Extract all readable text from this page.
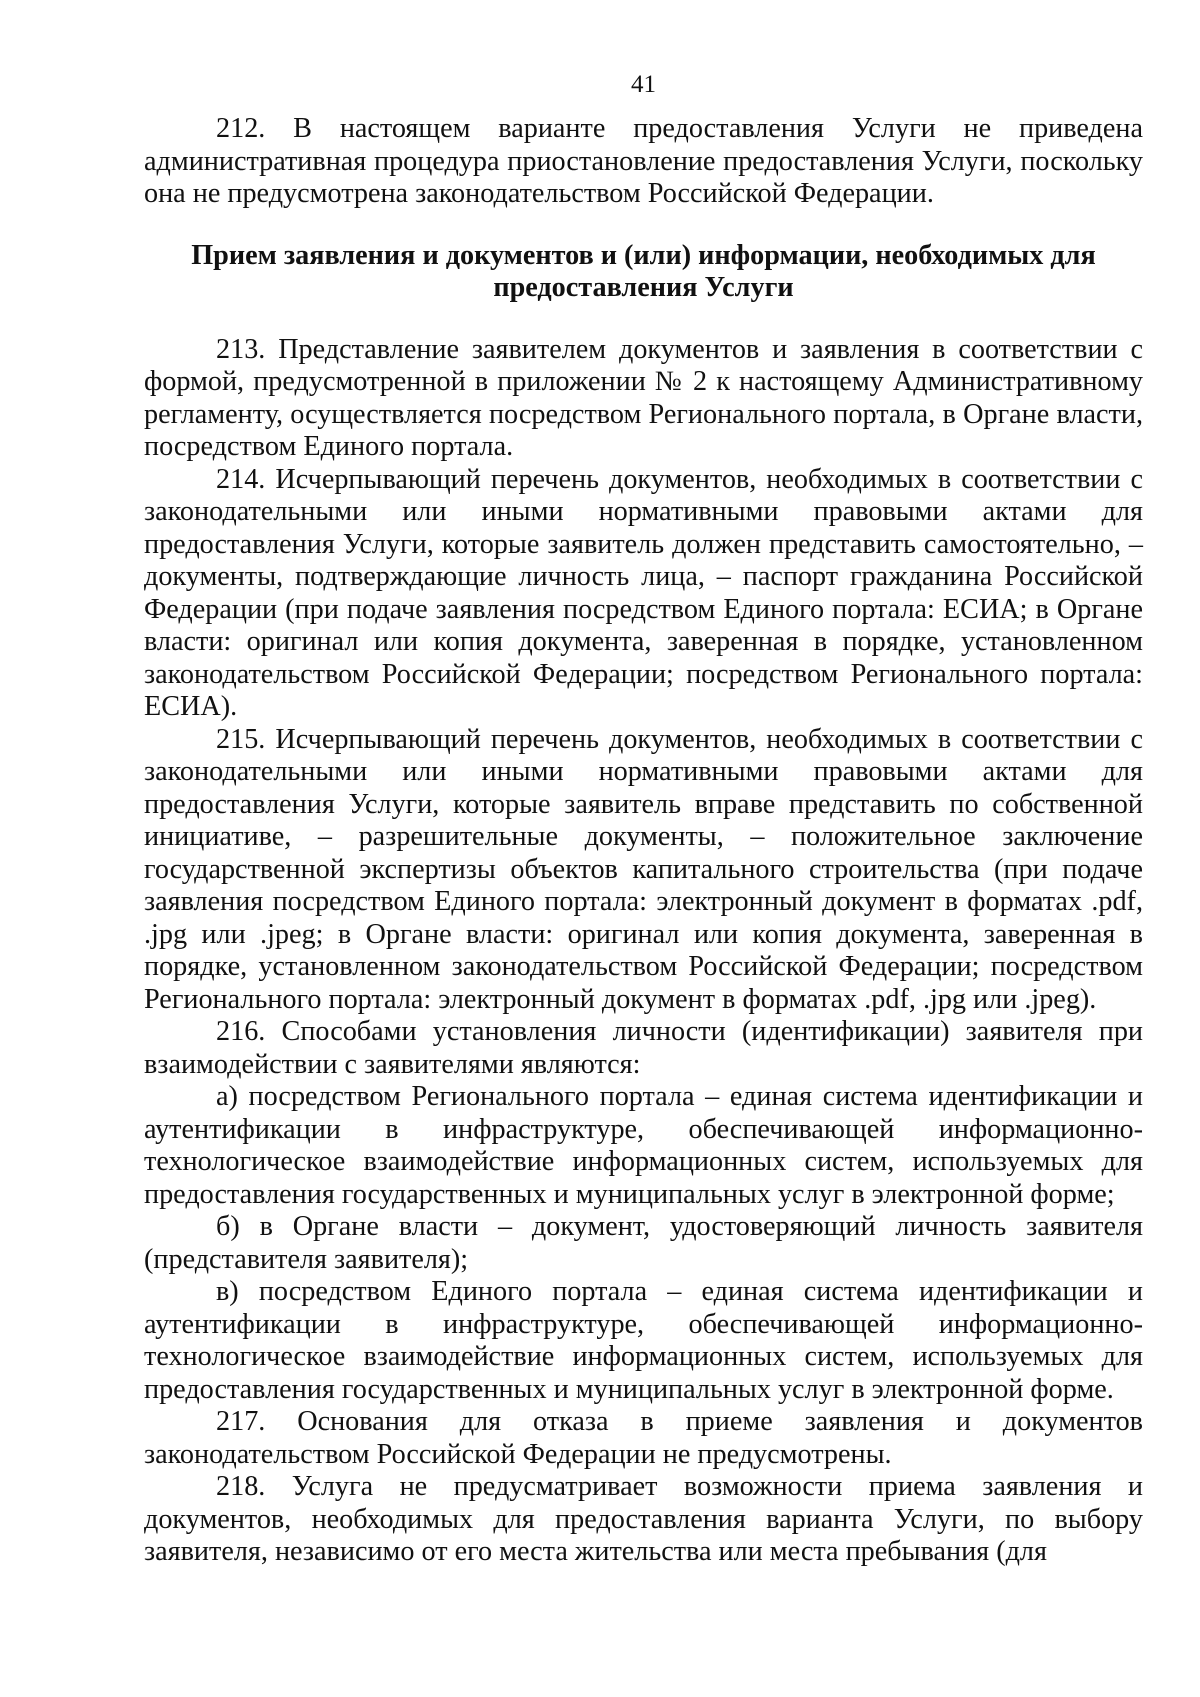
41

212. В настоящем варианте предоставления Услуги не приведена административная процедура приостановление предоставления Услуги, поскольку она не предусмотрена законодательством Российской Федерации.

Прием заявления и документов и (или) информации, необходимых для предоставления Услуги

213. Представление заявителем документов и заявления в соответствии с формой, предусмотренной в приложении № 2 к настоящему Административному регламенту, осуществляется посредством Регионального портала, в Органе власти, посредством Единого портала.

214. Исчерпывающий перечень документов, необходимых в соответствии с законодательными или иными нормативными правовыми актами для предоставления Услуги, которые заявитель должен представить самостоятельно, – документы, подтверждающие личность лица, – паспорт гражданина Российской Федерации (при подаче заявления посредством Единого портала: ЕСИА; в Органе власти: оригинал или копия документа, заверенная в порядке, установленном законодательством Российской Федерации; посредством Регионального портала: ЕСИА).

215. Исчерпывающий перечень документов, необходимых в соответствии с законодательными или иными нормативными правовыми актами для предоставления Услуги, которые заявитель вправе представить по собственной инициативе, – разрешительные документы, – положительное заключение государственной экспертизы объектов капитального строительства (при подаче заявления посредством Единого портала: электронный документ в форматах .pdf, .jpg или .jpeg; в Органе власти: оригинал или копия документа, заверенная в порядке, установленном законодательством Российской Федерации; посредством Регионального портала: электронный документ в форматах .pdf, .jpg или .jpeg).

216. Способами установления личности (идентификации) заявителя при взаимодействии с заявителями являются:

а) посредством Регионального портала – единая система идентификации и аутентификации в инфраструктуре, обеспечивающей информационно-технологическое взаимодействие информационных систем, используемых для предоставления государственных и муниципальных услуг в электронной форме;

б) в Органе власти – документ, удостоверяющий личность заявителя (представителя заявителя);

в) посредством Единого портала – единая система идентификации и аутентификации в инфраструктуре, обеспечивающей информационно-технологическое взаимодействие информационных систем, используемых для предоставления государственных и муниципальных услуг в электронной форме.

217. Основания для отказа в приеме заявления и документов законодательством Российской Федерации не предусмотрены.

218. Услуга не предусматривает возможности приема заявления и документов, необходимых для предоставления варианта Услуги, по выбору заявителя, независимо от его места жительства или места пребывания (для
